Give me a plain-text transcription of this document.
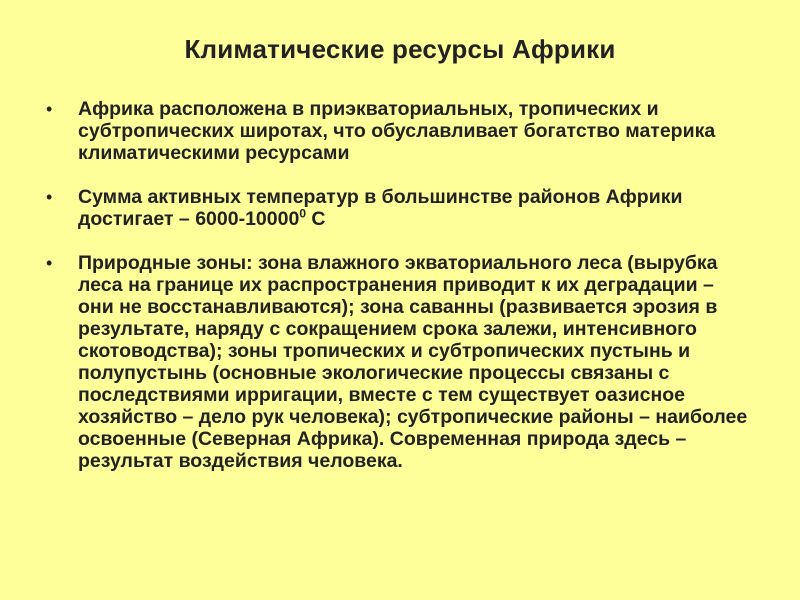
Климатические ресурсы Африки
• Африка расположена в приэкваториальных, тропических и субтропических широтах, что обуславливает богатство материка климатическими ресурсами
• Сумма активных температур в большинстве районов Африки достигает – 6000-10000$^0$ С
• Природные зоны: зона влажного экваториального леса (вырубка леса на границе их распространения приводит к их деградации – они не восстанавливаются); зона саванны (развивается эрозия в результате, наряду с сокращением срока залежи, интенсивного скотоводства); зоны тропических и субтропических пустынь и полупустынь (основные экологические процессы связаны с последствиями ирригации, вместе с тем существует оазисное хозяйство – дело рук человека); субтропические районы – наиболее освоенные (Северная Африка). Современная природа здесь – результат воздействия человека.
